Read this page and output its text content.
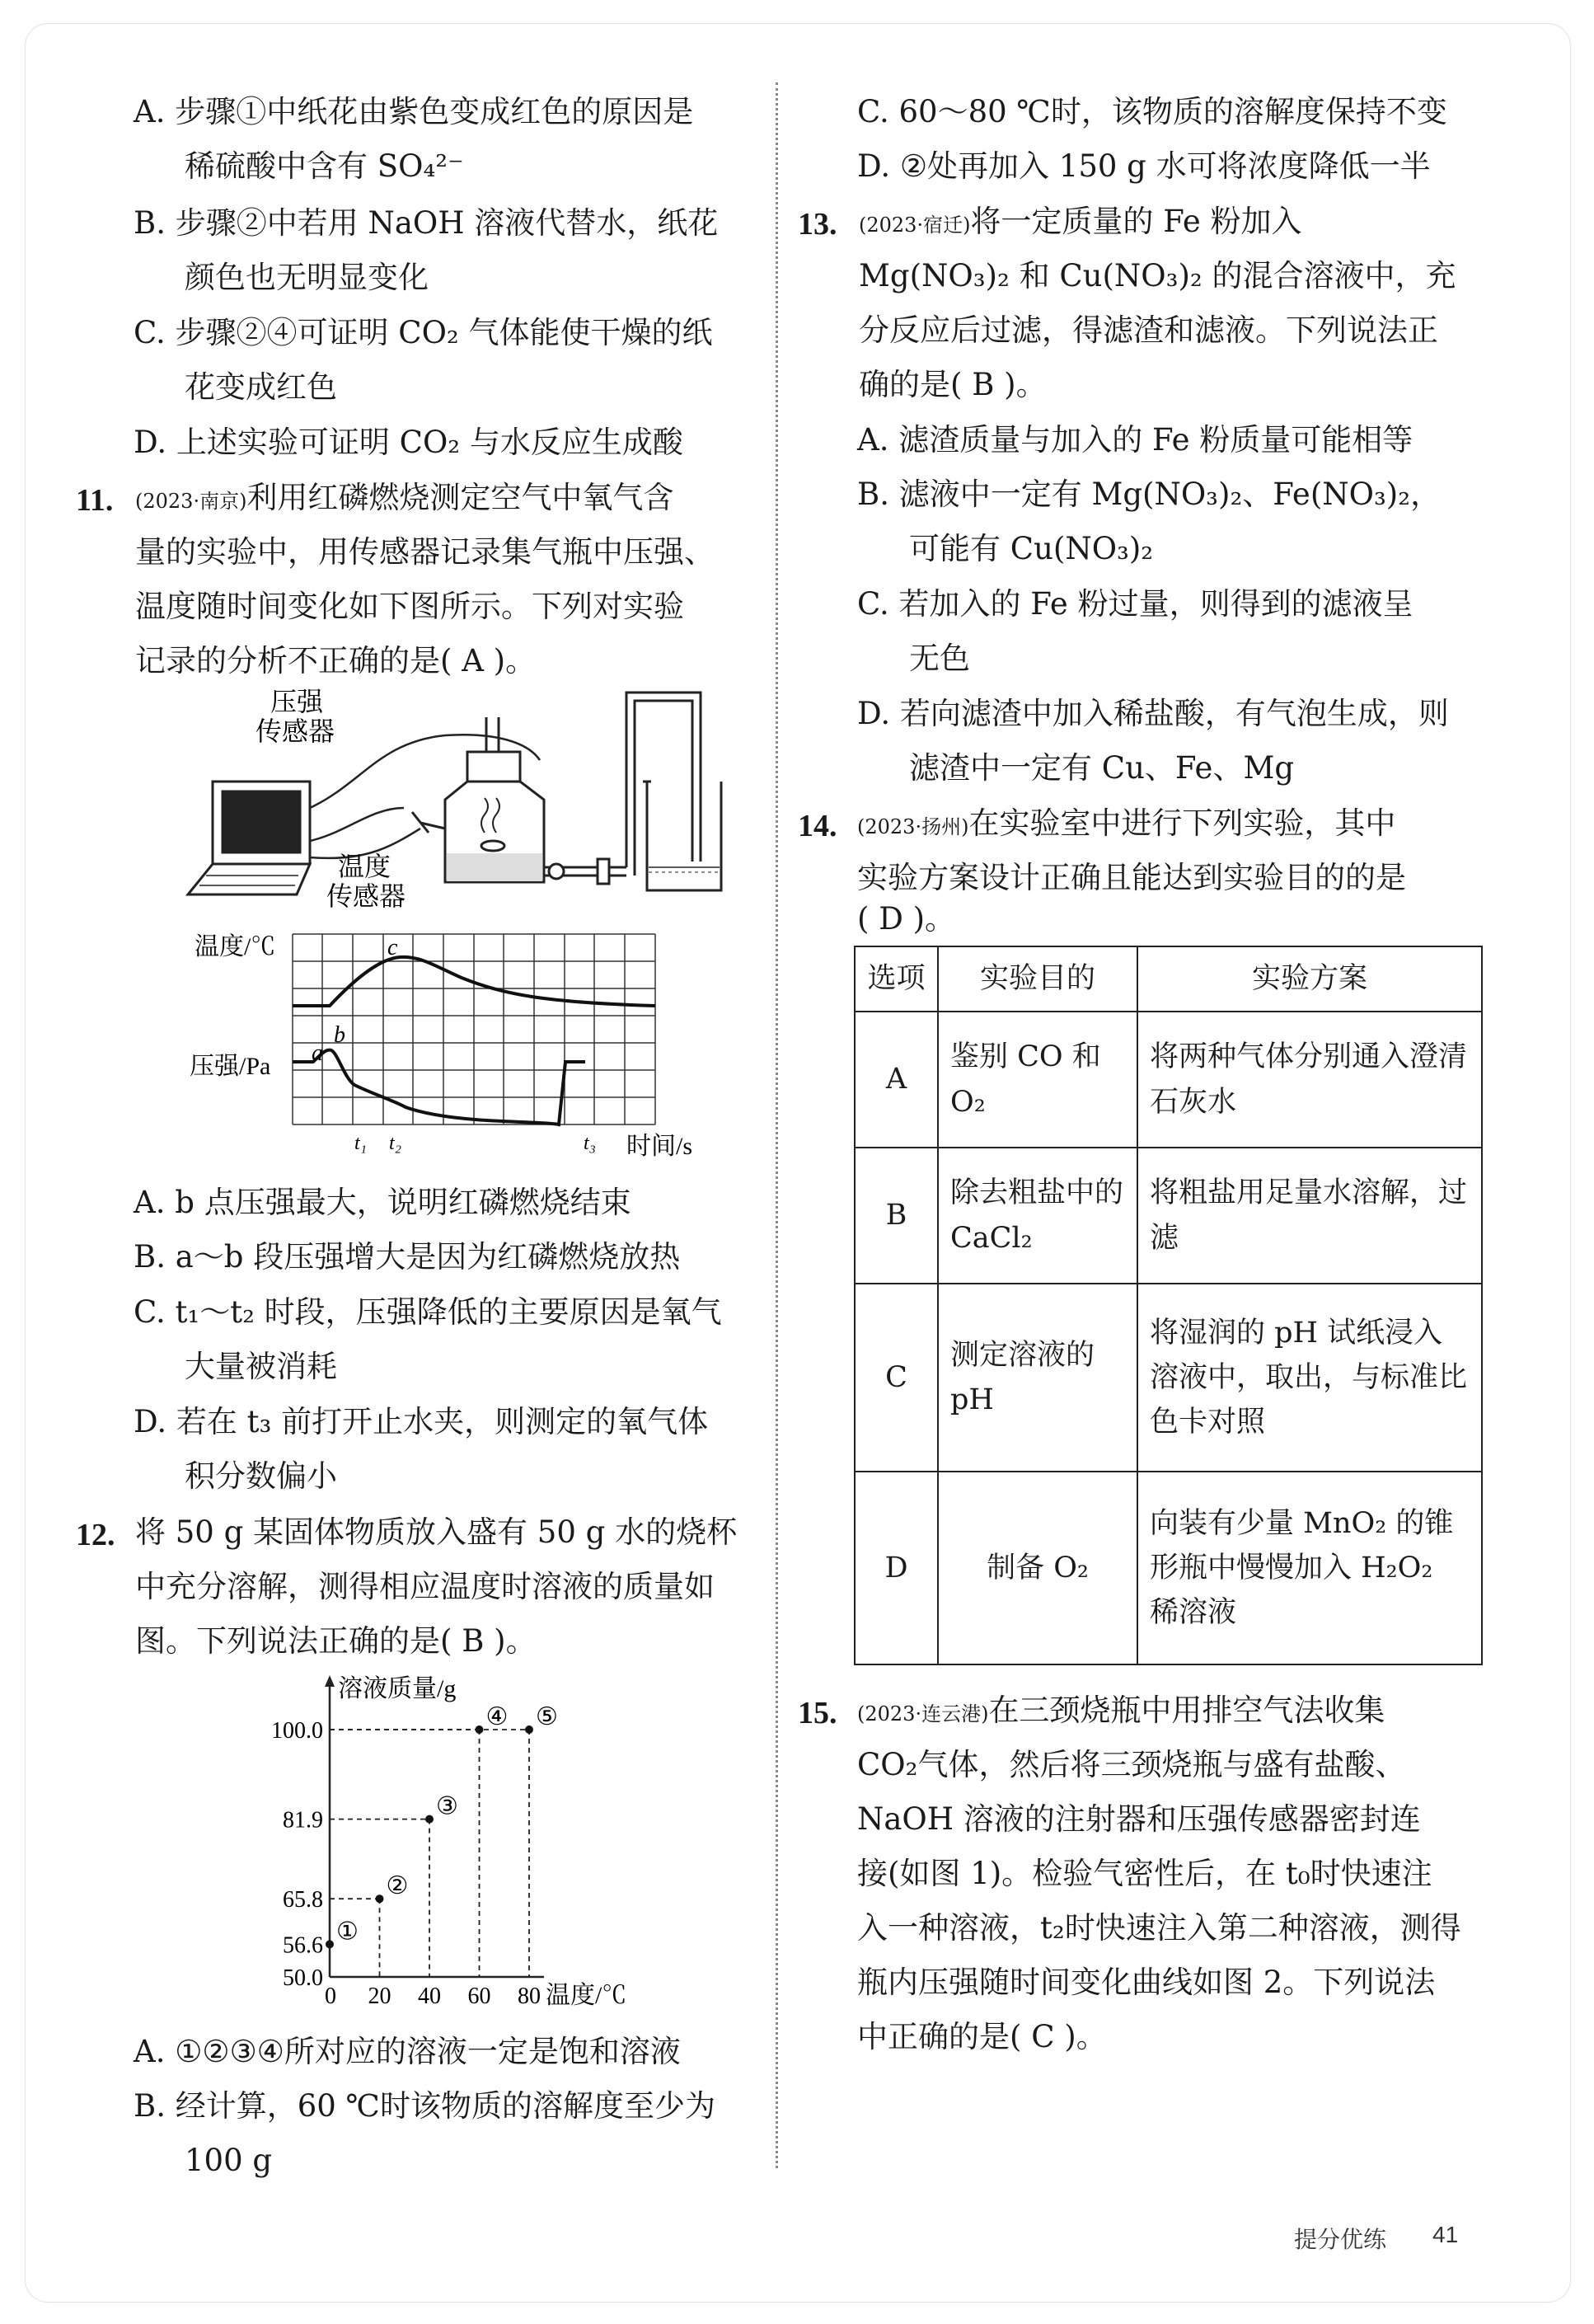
A. 步骤①中纸花由紫色变成红色的原因是
稀硫酸中含有 SO₄²⁻
B. 步骤②中若用 NaOH 溶液代替水，纸花
颜色也无明显变化
C. 步骤②④可证明 CO₂ 气体能使干燥的纸
花变成红色
D. 上述实验可证明 CO₂ 与水反应生成酸
11. (2023·南京)利用红磷燃烧测定空气中氧气含
量的实验中，用传感器记录集气瓶中压强、
温度随时间变化如下图所示。下列对实验
记录的分析不正确的是( A )。
压强
传感器
温度
传感器
温度/℃
压强/Pa
c
b
a
t₁ t₂	t₃ 时间/s
A. b 点压强最大，说明红磷燃烧结束
B. a～b 段压强增大是因为红磷燃烧放热
C. t₁～t₂ 时段，压强降低的主要原因是氧气
大量被消耗
D. 若在 t₃ 前打开止水夹，则测定的氧气体
积分数偏小
12. 将 50 g 某固体物质放入盛有 50 g 水的烧杯
中充分溶解，测得相应温度时溶液的质量如
图。下列说法正确的是( B )。
溶液质量/g
温度/℃
0 20 40 60 80
50.0
56.6
65.8
81.9
100.0
①
②
④ ⑤
③
A. ①②③④所对应的溶液一定是饱和溶液
B. 经计算，60 ℃时该物质的溶解度至少为
100 g
C. 60～80 ℃时，该物质的溶解度保持不变
D. ②处再加入 150 g 水可将浓度降低一半
13. (2023·宿迁)将一定质量的 Fe 粉加入
Mg(NO₃)₂ 和 Cu(NO₃)₂ 的混合溶液中，充
分反应后过滤，得滤渣和滤液。下列说法正
确的是( B )。
A. 滤渣质量与加入的 Fe 粉质量可能相等
B. 滤液中一定有 Mg(NO₃)₂、Fe(NO₃)₂，
可能有 Cu(NO₃)₂
C. 若加入的 Fe 粉过量，则得到的滤液呈
无色
D. 若向滤渣中加入稀盐酸，有气泡生成，则
滤渣中一定有 Cu、Fe、Mg
14. (2023·扬州)在实验室中进行下列实验，其中
实验方案设计正确且能达到实验目的的是
( D )。
选项	实验目的	实验方案
A	鉴别 CO 和 O₂	将两种气体分别通入澄清石灰水
B	除去粗盐中的 CaCl₂	将粗盐用足量水溶解，过滤
C	测定溶液的 pH	将湿润的 pH 试纸浸入溶液中，取出，与标准比色卡对照
D	制备 O₂	向装有少量 MnO₂ 的锥形瓶中慢慢加入 H₂O₂ 稀溶液
15. (2023·连云港)在三颈烧瓶中用排空气法收集
CO₂气体，然后将三颈烧瓶与盛有盐酸、
NaOH 溶液的注射器和压强传感器密封连
接(如图 1)。检验气密性后，在 t₀时快速注
入一种溶液，t₂时快速注入第二种溶液，测得
瓶内压强随时间变化曲线如图 2。下列说法
中正确的是( C )。
提分优练 41
